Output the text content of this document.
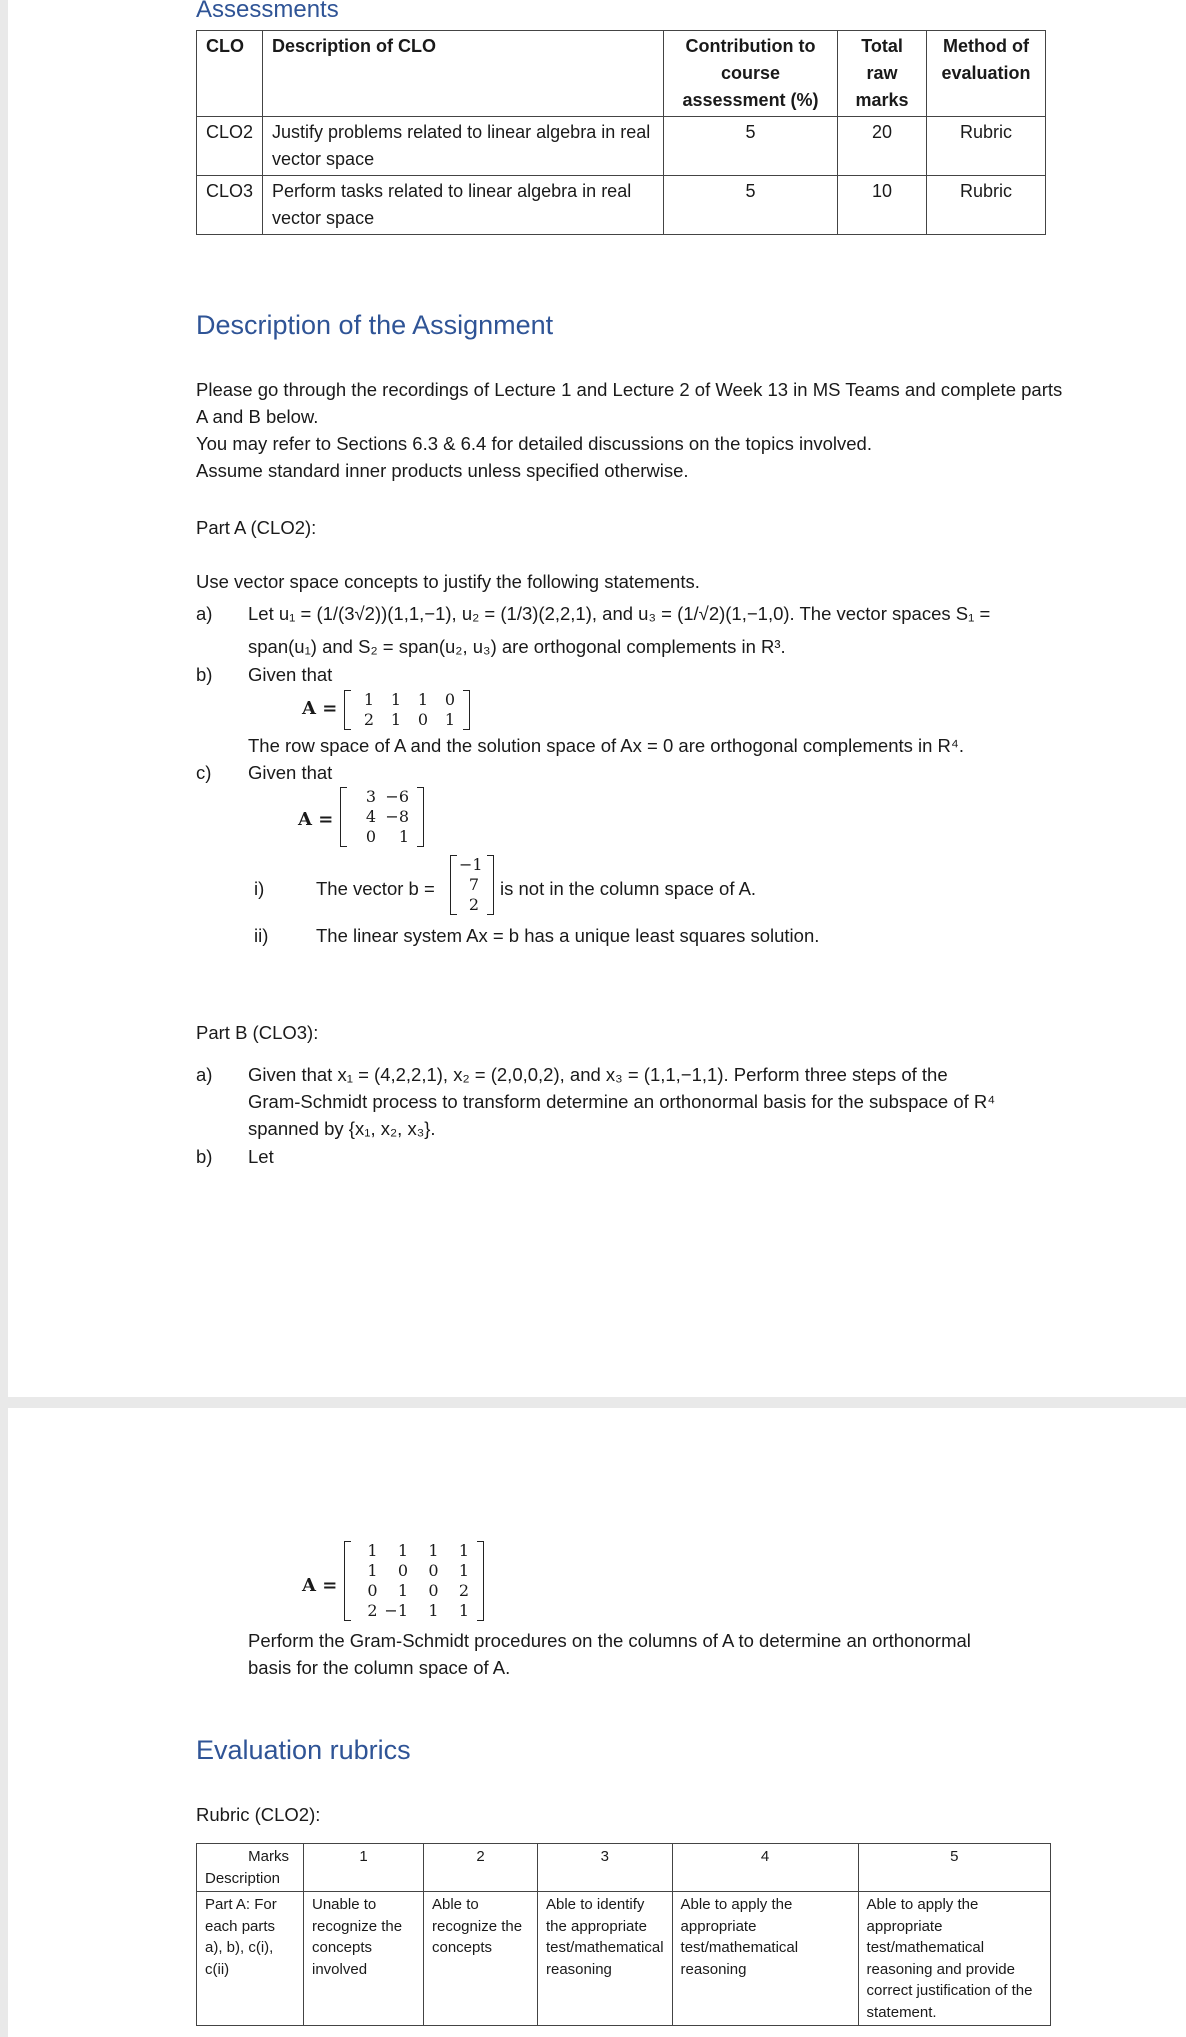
Assessments
CLO	Description of CLO	Contribution to course assessment (%)	Total raw marks	Method of evaluation
CLO2	Justify problems related to linear algebra in real vector space	5	20	Rubric
CLO3	Perform tasks related to linear algebra in real vector space	5	10	Rubric
Description of the Assignment
Please go through the recordings of Lecture 1 and Lecture 2 of Week 13 in MS Teams and complete parts A and B below.
You may refer to Sections 6.3 & 6.4 for detailed discussions on the topics involved.
Assume standard inner products unless specified otherwise.
Part A (CLO2):
Use vector space concepts to justify the following statements.
a) Let u₁ = (1/(3√2))(1,1,−1), u₂ = (1/3)(2,2,1), and u₃ = (1/√2)(1,−1,0). The vector spaces S₁ =
span(u₁) and S₂ = span(u₂, u₃) are orthogonal complements in R³.
b) Given that
A =	1	1	1	0
2	1	0	1
The row space of A and the solution space of Ax = 0 are orthogonal complements in R⁴.
c) Given that
A =
3 −6
4 −8
0	1
i)	The vector b =
−1
7
2
is not in the column space of A.
ii)	The linear system Ax = b has a unique least squares solution.
Part B (CLO3):
a) Given that x₁ = (4,2,2,1), x₂ = (2,0,0,2), and x₃ = (1,1,−1,1). Perform three steps of the
Gram-Schmidt process to transform determine an orthonormal basis for the subspace of R⁴
spanned by {x₁, x₂, x₃}.
b) Let
A =
1	1	1	1
1	0	0	1
0	1	0	2
2 −1	1	1
Perform the Gram-Schmidt procedures on the columns of A to determine an orthonormal
basis for the column space of A.
Evaluation rubrics
Rubric (CLO2):
Marks
Description	1	2	3	4	5
Part A: For each parts a), b), c(i), c(ii)	Unable to recognize the concepts involved	Able to recognize the concepts	Able to identify the appropriate test/mathematical reasoning	Able to apply the appropriate test/mathematical reasoning	Able to apply the appropriate test/mathematical reasoning and provide correct justification of the statement.
